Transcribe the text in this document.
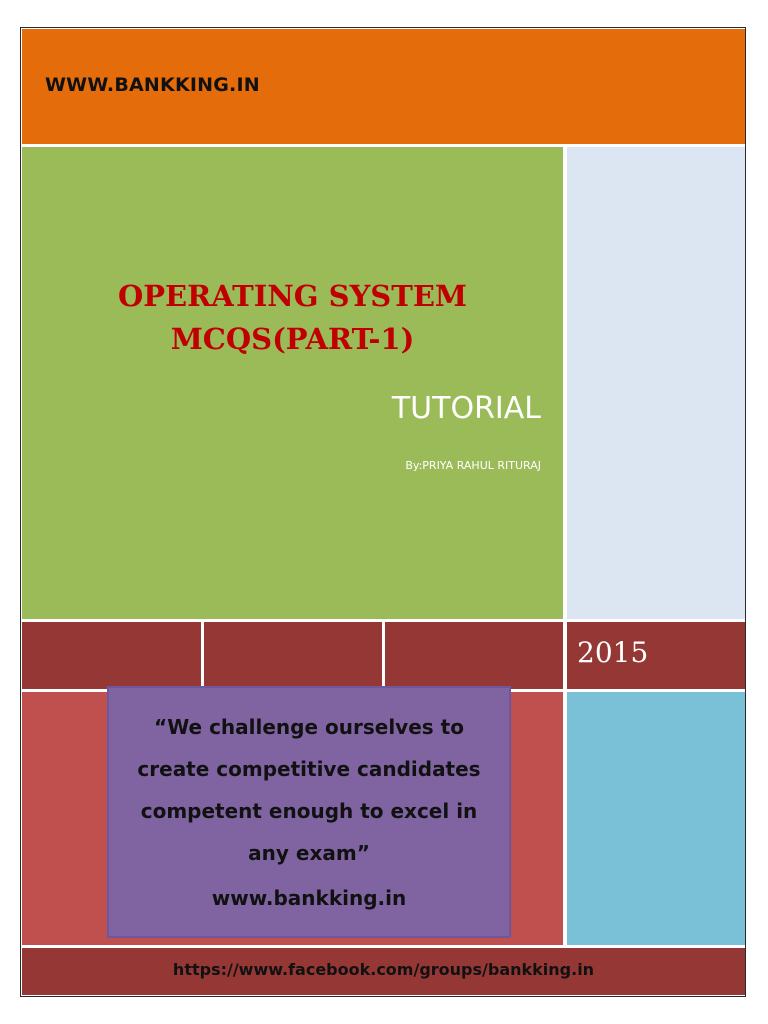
WWW.BANKKING.IN
OPERATING SYSTEM
MCQS(PART-1)
TUTORIAL
By:PRIYA RAHUL RITURAJ
2015
“We challenge ourselves to create competitive candidates competent enough to excel in any exam”
www.bankking.in
https://www.facebook.com/groups/bankking.in
